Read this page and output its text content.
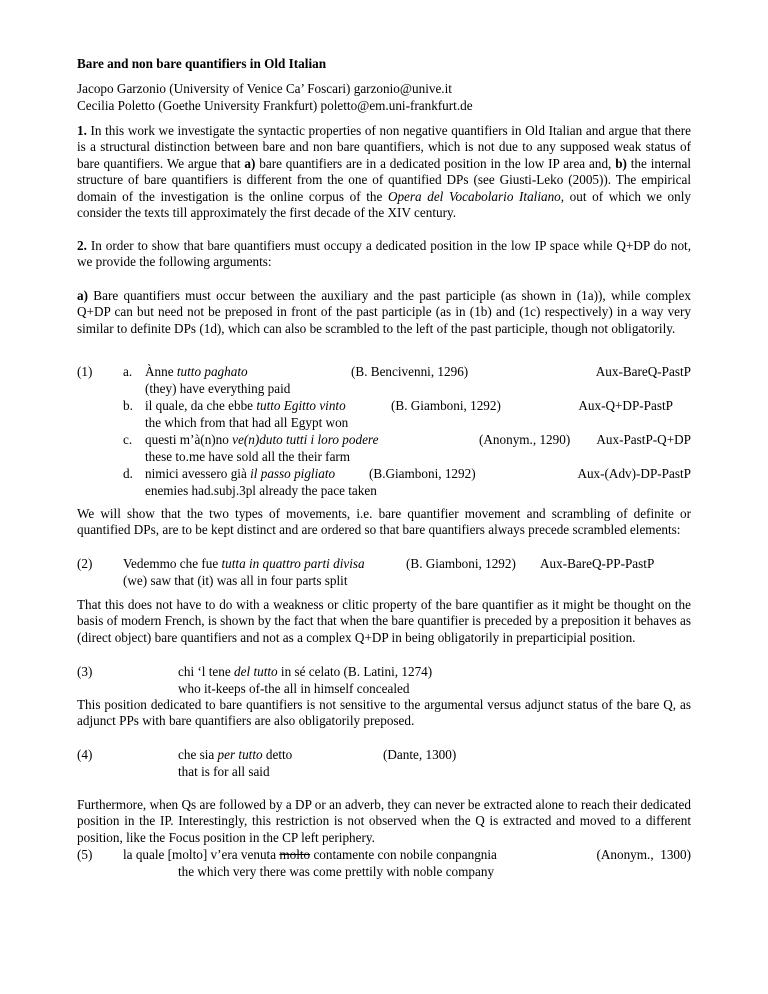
Bare and non bare quantifiers in Old Italian
Jacopo Garzonio (University of Venice Ca’ Foscari) garzonio@unive.it
Cecilia Poletto (Goethe University Frankfurt) poletto@em.uni-frankfurt.de

1. In this work we investigate the syntactic properties of non negative quantifiers in Old Italian and argue that there is a structural distinction between bare and non bare quantifiers, which is not due to any supposed weak status of bare quantifiers. We argue that a) bare quantifiers are in a dedicated position in the low IP area and, b) the internal structure of bare quantifiers is different from the one of quantified DPs (see Giusti-Leko (2005)). The empirical domain of the investigation is the online corpus of the Opera del Vocabolario Italiano, out of which we only consider the texts till approximately the first decade of the XIV century.

2. In order to show that bare quantifiers must occupy a dedicated position in the low IP space while Q+DP do not, we provide the following arguments:

a) Bare quantifiers must occur between the auxiliary and the past participle (as shown in (1a)), while complex Q+DP can but need not be preposed in front of the past participle (as in (1b) and (1c) respectively) in a way very similar to definite DPs (1d), which can also be scrambled to the left of the past participle, though not obligatorily.

(1) a. Ànne tutto paghato	(B. Bencivenni, 1296)	Aux-BareQ-PastP
(they) have everything paid
b. il quale, da che ebbe tutto Egitto vinto	(B. Giamboni, 1292)	Aux-Q+DP-PastP
the which from that had all Egypt won
c. questi m’à(n)no ve(n)duto tutti i loro podere	(Anonym., 1290) Aux-PastP-Q+DP
these to.me have sold all the their farm
d. nimici avessero già il passo pigliato	(B.Giamboni, 1292)	Aux-(Adv)-DP-PastP
enemies had.subj.3pl already the pace taken

We will show that the two types of movements, i.e. bare quantifier movement and scrambling of definite or quantified DPs, are to be kept distinct and are ordered so that bare quantifiers always precede scrambled elements:

(2) Vedemmo che fue tutta in quattro parti divisa	(B. Giamboni, 1292) Aux-BareQ-PP-PastP
(we) saw that (it) was all in four parts split

That this does not have to do with a weakness or clitic property of the bare quantifier as it might be thought on the basis of modern French, is shown by the fact that when the bare quantifier is preceded by a preposition it behaves as (direct object) bare quantifiers and not as a complex Q+DP in being obligatorily in preparticipial position.

(3)	chi ‘l tene del tutto in sé celato (B. Latini, 1274)
who it-keeps of-the all in himself concealed

This position dedicated to bare quantifiers is not sensitive to the argumental versus adjunct status of the bare Q, as adjunct PPs with bare quantifiers are also obligatorily preposed.

(4)	che sia per tutto detto	(Dante, 1300)
that is for all said

Furthermore, when Qs are followed by a DP or an adverb, they can never be extracted alone to reach their dedicated position in the IP. Interestingly, this restriction is not observed when the Q is extracted and moved to a different position, like the Focus position in the CP left periphery.

(5) la quale [molto] v’era venuta molto contamente con nobile conpangnia	(Anonym.,  1300)
the which very there was come prettily with noble company
